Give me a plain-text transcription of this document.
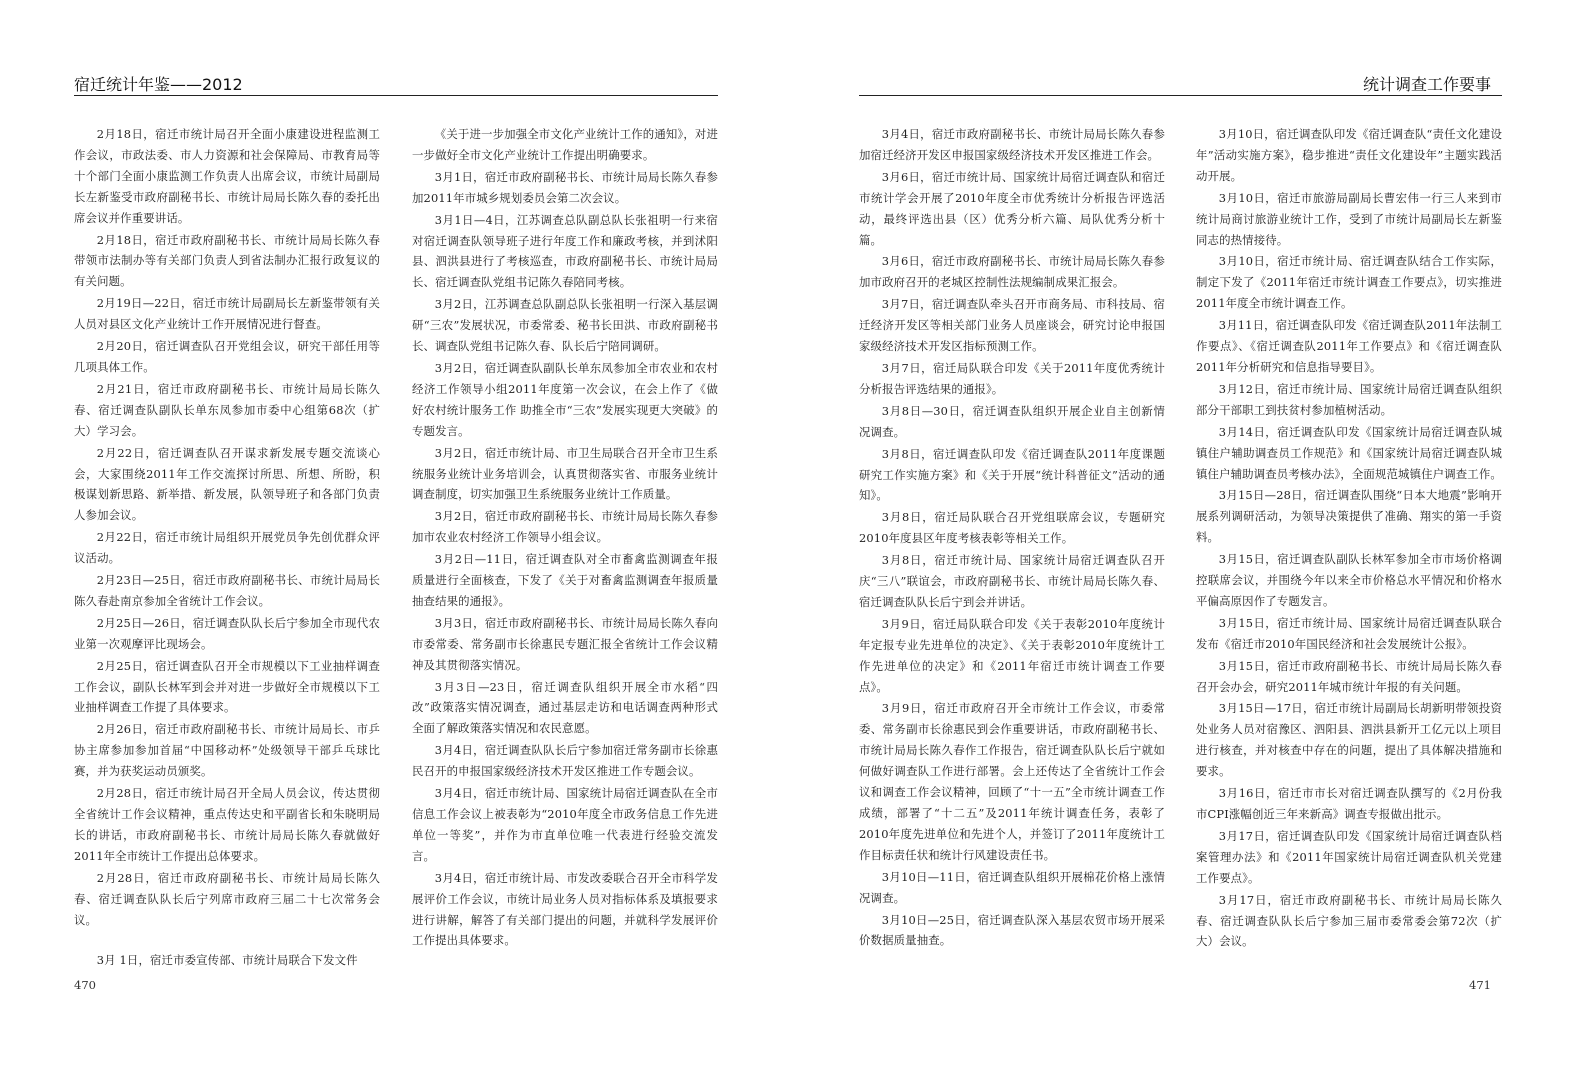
宿迁统计年鉴——2012

2月18日，宿迁市统计局召开全面小康建设进程监测工作会议，市政法委、市人力资源和社会保障局、市教育局等十个部门全面小康监测工作负责人出席会议，市统计局副局长左新鉴受市政府副秘书长、市统计局局长陈久春的委托出席会议并作重要讲话。

2月18日，宿迁市政府副秘书长、市统计局局长陈久春带领市法制办等有关部门负责人到省法制办汇报行政复议的有关问题。

2月19日—22日，宿迁市统计局副局长左新鉴带领有关人员对县区文化产业统计工作开展情况进行督查。

2月20日，宿迁调查队召开党组会议，研究干部任用等几项具体工作。

2月21日，宿迁市政府副秘书长、市统计局局长陈久春、宿迁调查队副队长单东凤参加市委中心组第68次（扩大）学习会。

2月22日，宿迁调查队召开谋求新发展专题交流谈心会，大家围绕2011年工作交流探讨所思、所想、所盼，积极谋划新思路、新举措、新发展，队领导班子和各部门负责人参加会议。

2月22日，宿迁市统计局组织开展党员争先创优群众评议活动。

2月23日—25日，宿迁市政府副秘书长、市统计局局长陈久春赴南京参加全省统计工作会议。

2月25日—26日，宿迁调查队队长后宁参加全市现代农业第一次观摩评比现场会。

2月25日，宿迁调查队召开全市规模以下工业抽样调查工作会议，副队长林军到会并对进一步做好全市规模以下工业抽样调查工作提了具体要求。

2月26日，宿迁市政府副秘书长、市统计局局长、市乒协主席参加参加首届“中国移动杯”处级领导干部乒乓球比赛，并为获奖运动员颁奖。

2月28日，宿迁市统计局召开全局人员会议，传达贯彻全省统计工作会议精神，重点传达史和平副省长和朱晓明局长的讲话，市政府副秘书长、市统计局局长陈久春就做好2011年全市统计工作提出总体要求。

2月28日，宿迁市政府副秘书长、市统计局局长陈久春、宿迁调查队队长后宁列席市政府三届二十七次常务会议。

3月 1日，宿迁市委宣传部、市统计局联合下发文件

《关于进一步加强全市文化产业统计工作的通知》，对进一步做好全市文化产业统计工作提出明确要求。

3月1日，宿迁市政府副秘书长、市统计局局长陈久春参加2011年市城乡规划委员会第二次会议。

3月1日—4日，江苏调查总队副总队长张祖明一行来宿对宿迁调查队领导班子进行年度工作和廉政考核，并到沭阳县、泗洪县进行了考核巡查，市政府副秘书长、市统计局局长、宿迁调查队党组书记陈久春陪同考核。

3月2日，江苏调查总队副总队长张祖明一行深入基层调研“三农”发展状况，市委常委、秘书长田洪、市政府副秘书长、调查队党组书记陈久春、队长后宁陪同调研。

3月2日，宿迁调查队副队长单东凤参加全市农业和农村经济工作领导小组2011年度第一次会议，在会上作了《做好农村统计服务工作 助推全市“三农”发展实现更大突破》的专题发言。

3月2日，宿迁市统计局、市卫生局联合召开全市卫生系统服务业统计业务培训会，认真贯彻落实省、市服务业统计调查制度，切实加强卫生系统服务业统计工作质量。

3月2日，宿迁市政府副秘书长、市统计局局长陈久春参加市农业农村经济工作领导小组会议。

3月2日—11日，宿迁调查队对全市畜禽监测调查年报质量进行全面核查，下发了《关于对畜禽监测调查年报质量抽查结果的通报》。

3月3日，宿迁市政府副秘书长、市统计局局长陈久春向市委常委、常务副市长徐惠民专题汇报全省统计工作会议精神及其贯彻落实情况。

3月3日—23日，宿迁调查队组织开展全市水稻“四改”政策落实情况调查，通过基层走访和电话调查两种形式全面了解政策落实情况和农民意愿。

3月4日，宿迁调查队队长后宁参加宿迁常务副市长徐惠民召开的申报国家级经济技术开发区推进工作专题会议。

3月4日，宿迁市统计局、国家统计局宿迁调查队在全市信息工作会议上被表彰为“2010年度全市政务信息工作先进单位一等奖”，并作为市直单位唯一代表进行经验交流发言。

3月4日，宿迁市统计局、市发改委联合召开全市科学发展评价工作会议，市统计局业务人员对指标体系及填报要求进行讲解，解答了有关部门提出的问题，并就科学发展评价工作提出具体要求。

470
统计调查工作要事

3月4日，宿迁市政府副秘书长、市统计局局长陈久春参加宿迁经济开发区申报国家级经济技术开发区推进工作会。

3月6日，宿迁市统计局、国家统计局宿迁调查队和宿迁市统计学会开展了2010年度全市优秀统计分析报告评选活动，最终评选出县（区）优秀分析六篇、局队优秀分析十篇。

3月6日，宿迁市政府副秘书长、市统计局局长陈久春参加市政府召开的老城区控制性法规编制成果汇报会。

3月7日，宿迁调查队牵头召开市商务局、市科技局、宿迁经济开发区等相关部门业务人员座谈会，研究讨论申报国家级经济技术开发区指标预测工作。

3月7日，宿迁局队联合印发《关于2011年度优秀统计分析报告评选结果的通报》。

3月8日—30日，宿迁调查队组织开展企业自主创新情况调查。

3月8日，宿迁调查队印发《宿迁调查队2011年度课题研究工作实施方案》和《关于开展“统计科普征文”活动的通知》。

3月8日，宿迁局队联合召开党组联席会议，专题研究2010年度县区年度考核表彰等相关工作。

3月8日，宿迁市统计局、国家统计局宿迁调查队召开庆“三八”联谊会，市政府副秘书长、市统计局局长陈久春、宿迁调查队队长后宁到会并讲话。

3月9日，宿迁局队联合印发《关于表彰2010年度统计年定报专业先进单位的决定》、《关于表彰2010年度统计工作先进单位的决定》和《2011年宿迁市统计调查工作要点》。

3月9日，宿迁市政府召开全市统计工作会议，市委常委、常务副市长徐惠民到会作重要讲话，市政府副秘书长、市统计局局长陈久春作工作报告，宿迁调查队队长后宁就如何做好调查队工作进行部署。会上还传达了全省统计工作会议和调查工作会议精神，回顾了“十一五”全市统计调查工作成绩，部署了“十二五”及2011年统计调查任务，表彰了2010年度先进单位和先进个人，并签订了2011年度统计工作目标责任状和统计行风建设责任书。

3月10日—11日，宿迁调查队组织开展棉花价格上涨情况调查。

3月10日—25日，宿迁调查队深入基层农贸市场开展采价数据质量抽查。

3月10日，宿迁调查队印发《宿迁调查队“责任文化建设年”活动实施方案》，稳步推进“责任文化建设年”主题实践活动开展。

3月10日，宿迁市旅游局副局长曹宏伟一行三人来到市统计局商讨旅游业统计工作，受到了市统计局副局长左新鉴同志的热情接待。

3月10日，宿迁市统计局、宿迁调查队结合工作实际，制定下发了《2011年宿迁市统计调查工作要点》，切实推进2011年度全市统计调查工作。

3月11日，宿迁调查队印发《宿迁调查队2011年法制工作要点》、《宿迁调查队2011年工作要点》和《宿迁调查队2011年分析研究和信息指导要目》。

3月12日，宿迁市统计局、国家统计局宿迁调查队组织部分干部职工到扶贫村参加植树活动。

3月14日，宿迁调查队印发《国家统计局宿迁调查队城镇住户辅助调查员工作规范》和《国家统计局宿迁调查队城镇住户辅助调查员考核办法》，全面规范城镇住户调查工作。

3月15日—28日，宿迁调查队围绕“日本大地震”影响开展系列调研活动，为领导决策提供了准确、翔实的第一手资料。

3月15日，宿迁调查队副队长林军参加全市市场价格调控联席会议，并围绕今年以来全市价格总水平情况和价格水平偏高原因作了专题发言。

3月15日，宿迁市统计局、国家统计局宿迁调查队联合发布《宿迁市2010年国民经济和社会发展统计公报》。

3月15日，宿迁市政府副秘书长、市统计局局长陈久春召开会办会，研究2011年城市统计年报的有关问题。

3月15日—17日，宿迁市统计局副局长胡新明带领投资处业务人员对宿豫区、泗阳县、泗洪县新开工亿元以上项目进行核查，并对核查中存在的问题，提出了具体解决措施和要求。

3月16日，宿迁市市长对宿迁调查队撰写的《2月份我市CPI涨幅创近三年来新高》调查专报做出批示。

3月17日，宿迁调查队印发《国家统计局宿迁调查队档案管理办法》和《2011年国家统计局宿迁调查队机关党建工作要点》。

3月17日，宿迁市政府副秘书长、市统计局局长陈久春、宿迁调查队队长后宁参加三届市委常委会第72次（扩大）会议。

471
